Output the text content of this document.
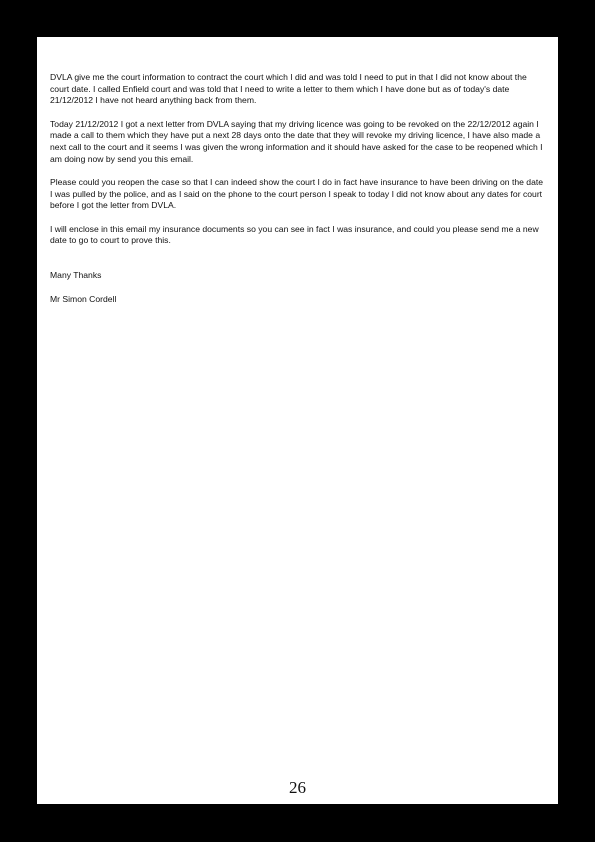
DVLA give me the court information to contract the court which I did and was told I need to put in that I did not know about the court date. I called Enfield court and was told that I need to write a letter to them which I have done but as of today's date 21/12/2012 I have not heard anything back from them.

Today 21/12/2012 I got a next letter from DVLA saying that my driving licence was going to be revoked on the 22/12/2012 again I made a call to them which they have put a next 28 days onto the date that they will revoke my driving licence, I have also made a next call to the court and it seems I was given the wrong information and it should have asked for the case to be reopened which I am doing now by send you this email.

Please could you reopen the case so that I can indeed show the court I do in fact have insurance to have been driving on the date I was pulled by the police, and as I said on the phone to the court person I speak to today I did not know about any dates for court before I got the letter from DVLA.

I will enclose in this email my insurance documents so you can see in fact I was insurance, and could you please send me a new date to go to court to prove this.

Many Thanks

Mr Simon Cordell

26
